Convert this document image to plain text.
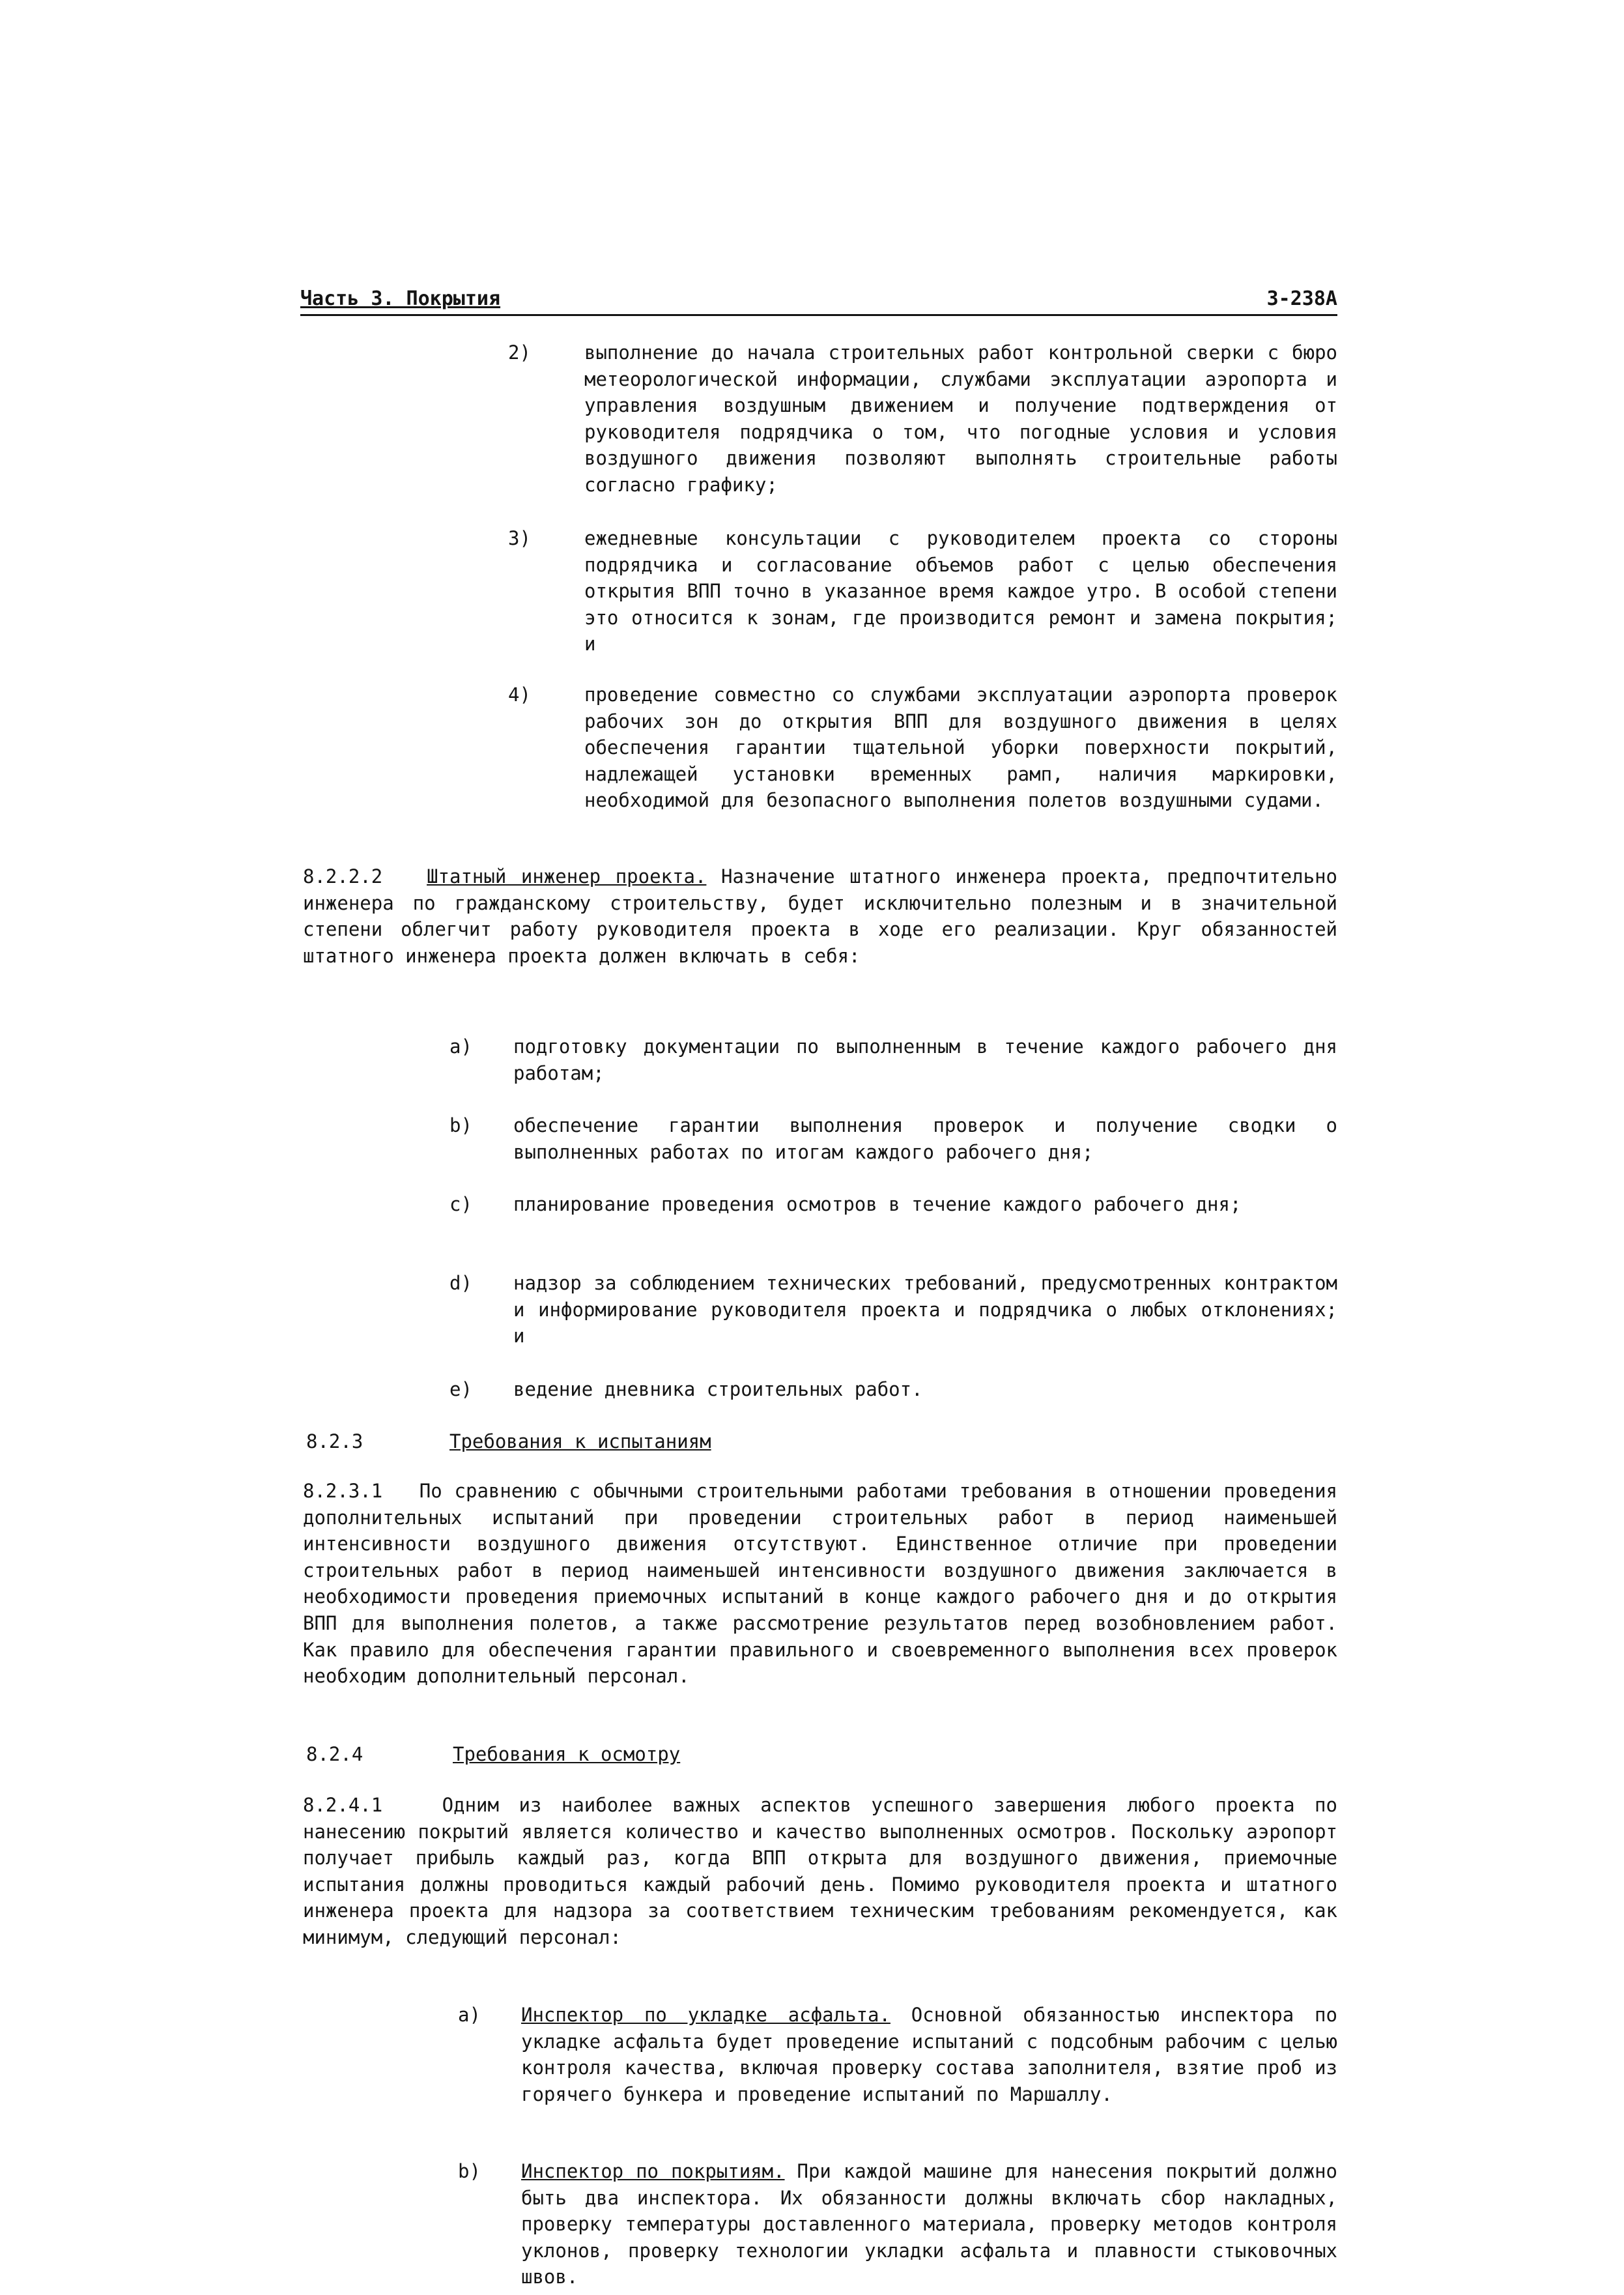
Часть 3. Покрытия	3-238A
2)	выполнение до начала строительных работ контрольной сверки с бюро метеорологической информации, службами эксплуатации аэропорта и управления воздушным движением и получение подтверждения от руководителя подрядчика о том, что погодные условия и условия воздушного движения позволяют выполнять строительные работы согласно графику;

3)	ежедневные консультации с руководителем проекта со стороны подрядчика и согласование объемов работ с целью обеспечения открытия ВПП точно в указанное время каждое утро. В особой степени это относится к зонам, где производится ремонт и замена покрытия; и

4)	проведение совместно со службами эксплуатации аэропорта проверок рабочих зон до открытия ВПП для воздушного движения в целях обеспечения гарантии тщательной уборки поверхности покрытий, надлежащей установки временных рамп, наличия маркировки, необходимой для безопасного выполнения полетов воздушными судами.

8.2.2.2 Штатный инженер проекта. Назначение штатного инженера проекта, предпочтительно инженера по гражданскому строительству, будет исключительно полезным и в значительной степени облегчит работу руководителя проекта в ходе его реализации. Круг обязанностей штатного инженера проекта должен включать в себя:

a) подготовку документации по выполненным в течение каждого рабочего дня работам;

b) обеспечение гарантии выполнения проверок и получение сводки о выполненных работах по итогам каждого рабочего дня;

c) планирование проведения осмотров в течение каждого рабочего дня;

d) надзор за соблюдением технических требований, предусмотренных контрактом и информирование руководителя проекта и подрядчика о любых отклонениях; и

e) ведение дневника строительных работ.

8.2.3	Требования к испытаниям

8.2.3.1 По сравнению с обычными строительными работами требования в отношении проведения дополнительных испытаний при проведении строительных работ в период наименьшей интенсивности воздушного движения отсутствуют. Единственное отличие при проведении строительных работ в период наименьшей интенсивности воздушного движения заключается в необходимости проведения приемочных испытаний в конце каждого рабочего дня и до открытия ВПП для выполнения полетов, а также рассмотрение результатов перед возобновлением работ. Как правило для обеспечения гарантии правильного и своевременного выполнения всех проверок необходим дополнительный персонал.

8.2.4	Требования к осмотру

8.2.4.1	Одним из наиболее важных аспектов успешного завершения любого проекта по нанесению покрытий является количество и качество выполненных осмотров. Поскольку аэропорт получает прибыль каждый раз, когда ВПП открыта для воздушного движения, приемочные испытания должны проводиться каждый рабочий день. Помимо руководителя проекта и штатного инженера проекта для надзора за соответствием техническим требованиям рекомендуется, как минимум, следующий персонал:

a) Инспектор по укладке асфальта. Основной обязанностью инспектора по укладке асфальта будет проведение испытаний с подсобным рабочим с целью контроля качества, включая проверку состава заполнителя, взятие проб из горячего бункера и проведение испытаний по Маршаллу.

b) Инспектор по покрытиям. При каждой машине для нанесения покрытий должно быть два инспектора. Их обязанности должны включать сбор накладных, проверку температуры доставленного материала, проверку методов контроля уклонов, проверку технологии укладки асфальта и плавности стыковочных швов.
